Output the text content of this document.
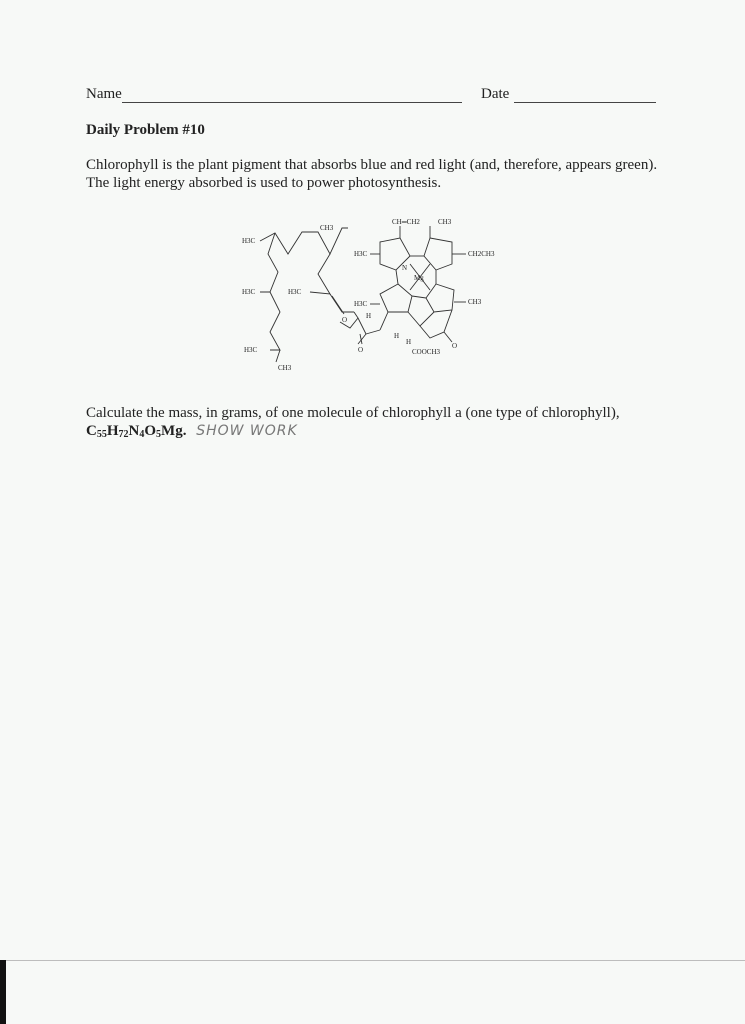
Name	Date
Daily Problem #10
Chlorophyll is the plant pigment that absorbs blue and red light (and, therefore, appears green).
The light energy absorbed is used to power photosynthesis.
H3C
CH3
H3C	H3C
H3C
CH3
CH═CH2	CH3
H3C	CH2CH3
Mg
CH3
H3C
O	H
H
H
O	O
COOCH3
N
Calculate the mass, in grams, of one molecule of chlorophyll a (one type of chlorophyll),
$C_{55}H_{72}N_4O_5Mg$. SHOW WORK
